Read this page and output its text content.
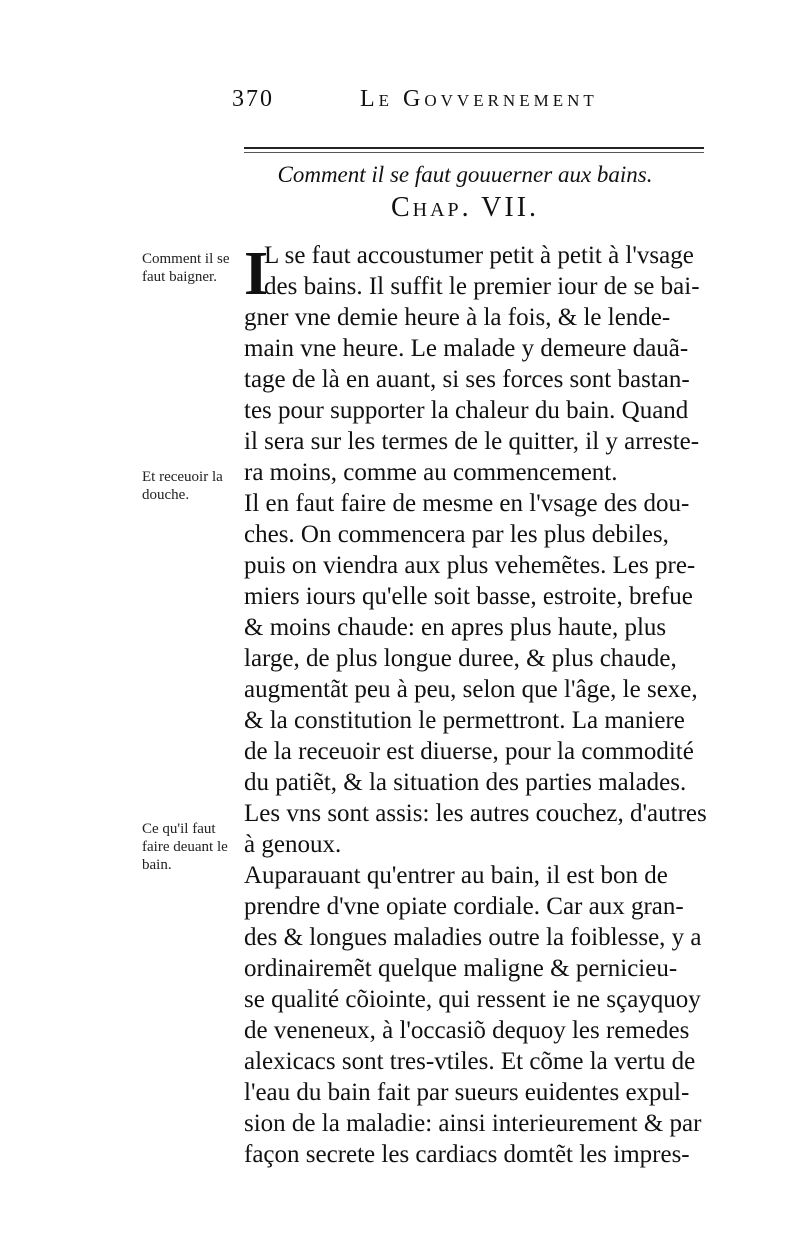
370	Le Govvernement
Comment il se faut gouuerner aux bains.
Chap. VII.
Comment il se faut baigner.
Et receuoir la douche.
Ce qu'il faut faire deuant le bain.
I
L se faut accoustumer petit à petit à l'vsage
des bains. Il suffit le premier iour de se bai-
gner vne demie heure à la fois, & le lende-
main vne heure. Le malade y demeure dauã-
tage de là en auant, si ses forces sont bastan-
tes pour supporter la chaleur du bain. Quand
il sera sur les termes de le quitter, il y arreste-
ra moins, comme au commencement.
Il en faut faire de mesme en l'vsage des dou-
ches. On commencera par les plus debiles,
puis on viendra aux plus vehemẽtes. Les pre-
miers iours qu'elle soit basse, estroite, brefue
& moins chaude: en apres plus haute, plus
large, de plus longue duree, & plus chaude,
augmentãt peu à peu, selon que l'âge, le sexe,
& la constitution le permettront. La maniere
de la receuoir est diuerse, pour la commodité
du patiẽt, & la situation des parties malades.
Les vns sont assis: les autres couchez, d'autres
à genoux.
Auparauant qu'entrer au bain, il est bon de
prendre d'vne opiate cordiale. Car aux gran-
des & longues maladies outre la foiblesse, y a
ordinairemẽt quelque maligne & pernicieu-
se qualité cõiointe, qui ressent ie ne sçayquoy
de veneneux, à l'occasiõ dequoy les remedes
alexicacs sont tres-vtiles. Et cõme la vertu de
l'eau du bain fait par sueurs euidentes expul-
sion de la maladie: ainsi interieurement & par
façon secrete les cardiacs domtẽt les impres-
